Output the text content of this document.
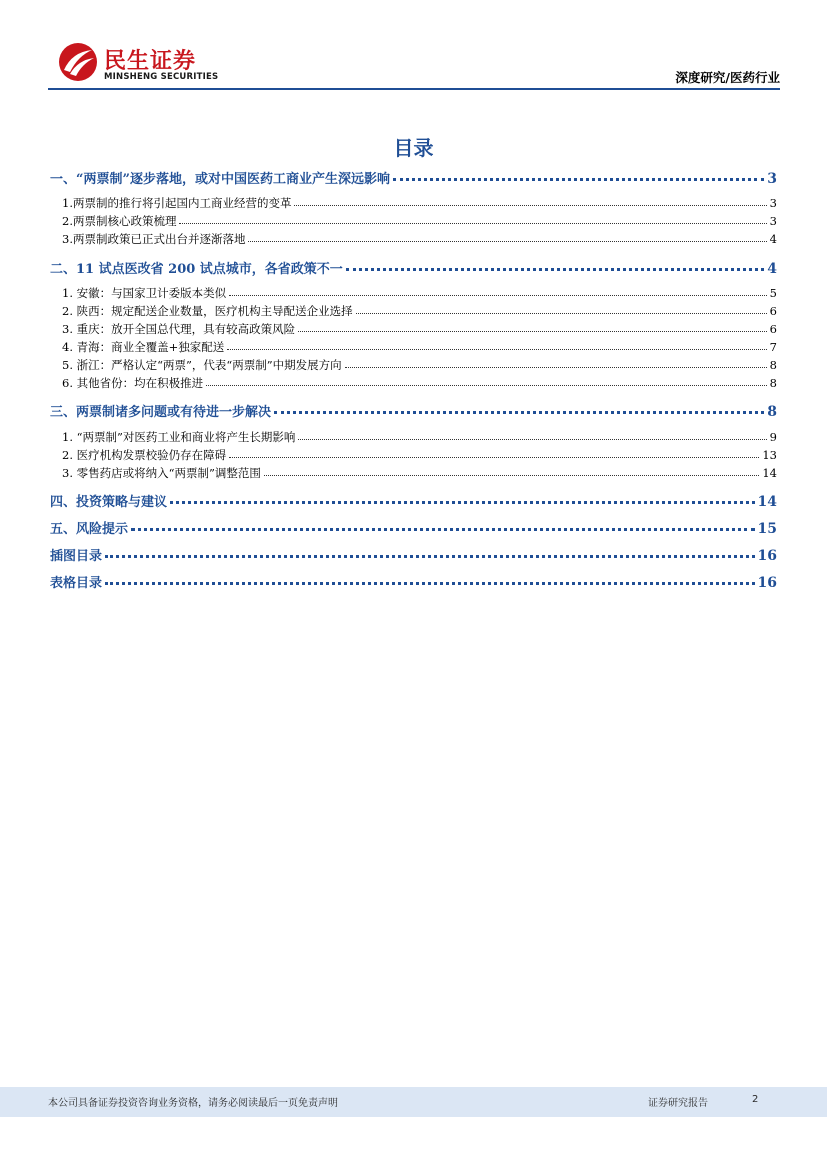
民生证券
MINSHENG SECURITIES	深度研究/医药行业
目录
一、“两票制”逐步落地，或对中国医药工商业产生深远影响	3
1.两票制的推行将引起国内工商业经营的变革	3
2.两票制核心政策梳理	3
3.两票制政策已正式出台并逐渐落地	4
二、11 试点医改省 200 试点城市，各省政策不一	4
1. 安徽：与国家卫计委版本类似	5
2. 陕西：规定配送企业数量，医疗机构主导配送企业选择	6
3. 重庆：放开全国总代理，具有较高政策风险	6
4. 青海：商业全覆盖+独家配送	7
5. 浙江：严格认定“两票”，代表“两票制”中期发展方向	8
6. 其他省份：均在积极推进	8
三、两票制诸多问题或有待进一步解决	8
1. “两票制”对医药工业和商业将产生长期影响	9
2. 医疗机构发票校验仍存在障碍	13
3. 零售药店或将纳入“两票制”调整范围	14
四、投资策略与建议	14
五、风险提示	15
插图目录	16
表格目录	16
本公司具备证券投资咨询业务资格，请务必阅读最后一页免责声明	证券研究报告	2
